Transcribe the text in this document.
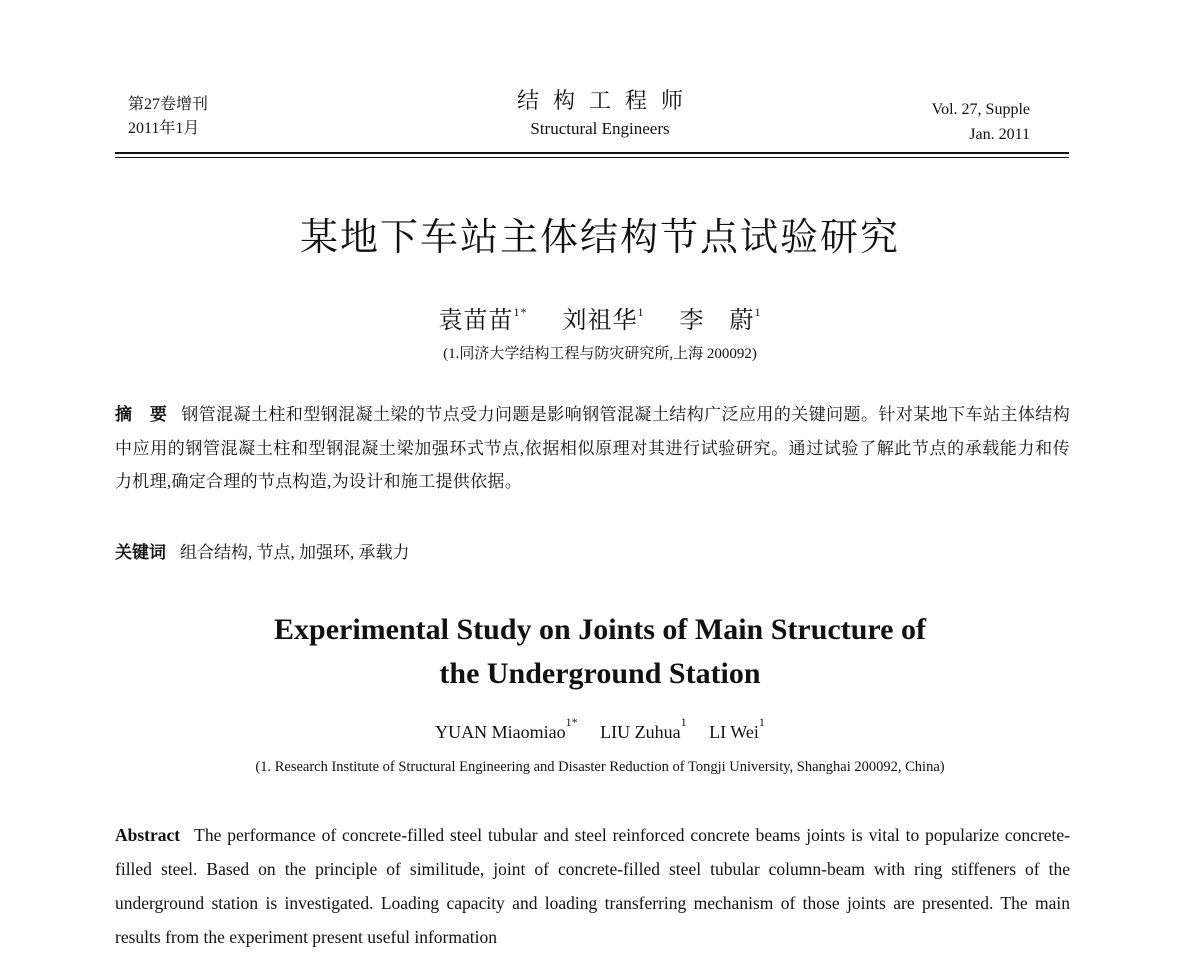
第27卷增刊
2011年1月
结构工程师
Structural Engineers
Vol. 27, Supple
Jan. 2011
某地下车站主体结构节点试验研究
袁苗苗$^{1*}$ 刘祖华$^1$ 李　蔚$^1$
(1.同济大学结构工程与防灾研究所,上海 200092)
摘　要 钢管混凝土柱和型钢混凝土梁的节点受力问题是影响钢管混凝土结构广泛应用的关键问题。针对某地下车站主体结构中应用的钢管混凝土柱和型钢混凝土梁加强环式节点,依据相似原理对其进行试验研究。通过试验了解此节点的承载能力和传力机理,确定合理的节点构造,为设计和施工提供依据。
关键词 组合结构, 节点, 加强环, 承载力
Experimental Study on Joints of Main Structure of
the Underground Station
YUAN Miaomiao$^{1*}$ LIU Zuhua$^1$ LI Wei$^1$
(1. Research Institute of Structural Engineering and Disaster Reduction of Tongji University, Shanghai 200092, China)
Abstract The performance of concrete-filled steel tubular and steel reinforced concrete beams joints is vital to popularize concrete-filled steel. Based on the principle of similitude, joint of concrete-filled steel tubular column-beam with ring stiffeners of the underground station is investigated. Loading capacity and loading transferring mechanism of those joints are presented. The main results from the experiment present useful information
